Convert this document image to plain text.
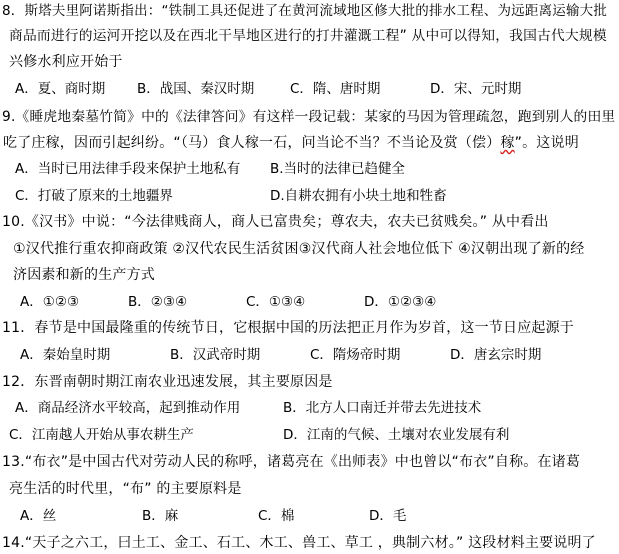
8．斯塔夫里阿诺斯指出：“铁制工具还促进了在黄河流域地区修大批的排水工程、为远距离运输大批
商品而进行的运河开挖以及在西北干旱地区进行的打井灌溉工程” 从中可以得知，我国古代大规模
兴修水利应开始于
A．夏、商时期 B．战国、秦汉时期	C．隋、唐时期	D．宋、元时期
9.《睡虎地秦墓竹简》中的《法律答问》有这样一段记载：某家的马因为管理疏忽，跑到别人的田里
吃了庄稼，因而引起纠纷。“（马）食人稼一石，问当论不当？不当论及赏（偿）稼”。这说明
A．当时已用法律手段来保护土地私有 B.当时的法律已趋健全
C．打破了原来的土地疆界	D.自耕农拥有小块土地和牲畜
10.《汉书》中说：“今法律贱商人，商人已富贵矣；尊农夫，农夫已贫贱矣。” 从中看出
①汉代推行重农抑商政策 ②汉代农民生活贫困③汉代商人社会地位低下 ④汉朝出现了新的经
济因素和新的生产方式
A．①②③	B．②③④	C．①③④	D．①②③④
11．春节是中国最隆重的传统节日，它根据中国的历法把正月作为岁首，这一节日应起源于
A．秦始皇时期	B．汉武帝时期	C．隋炀帝时期	D．唐玄宗时期
12．东晋南朝时期江南农业迅速发展，其主要原因是
A．商品经济水平较高，起到推动作用	B．北方人口南迁并带去先进技术
C．江南越人开始从事农耕生产	D．江南的气候、土壤对农业发展有利
13.“布衣”是中国古代对劳动人民的称呼，诸葛亮在《出师表》中也曾以“布衣”自称。在诸葛
亮生活的时代里，“布” 的主要原料是
A．丝	B．麻	C．棉	D．毛
14.“天子之六工，曰土工、金工、石工、木工、兽工、草工 ，典制六材。” 这段材料主要说明了
